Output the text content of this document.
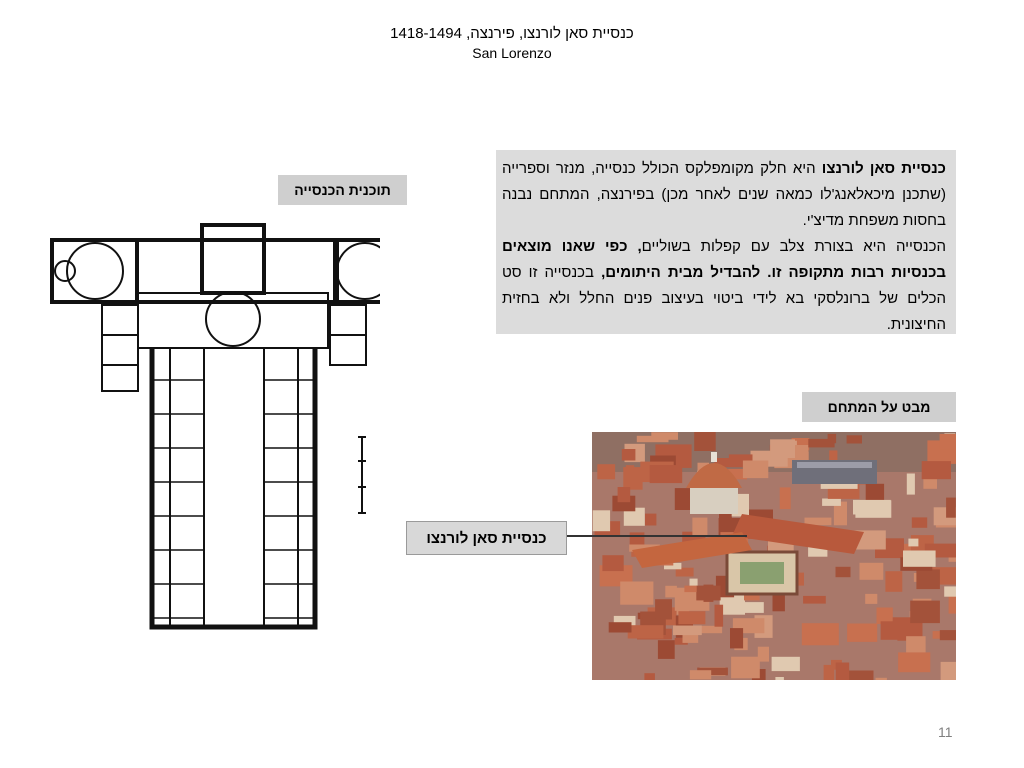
כנסיית סאן לורנצו, פירנצה, 1418-1494
San Lorenzo
תוכנית הכנסייה

כנסיית סאן לורנצו היא חלק מקומפלקס הכולל כנסייה, מנזר וספרייה (שתכנן מיכאלאנג'לו כמאה שנים לאחר מכן) בפירנצה, המתחם נבנה בחסות משפחת מדיצ'י.

הכנסייה היא בצורת צלב עם קפלות בשוליים, כפי שאנו מוצאים בכנסיות רבות מתקופה זו. להבדיל מבית היתומים, בכנסייה זו סט הכלים של ברונלסקי בא לידי ביטוי בעיצוב פנים החלל ולא בחזית החיצונית.

מבט על המתחם
כנסיית סאן לורנצו
11
